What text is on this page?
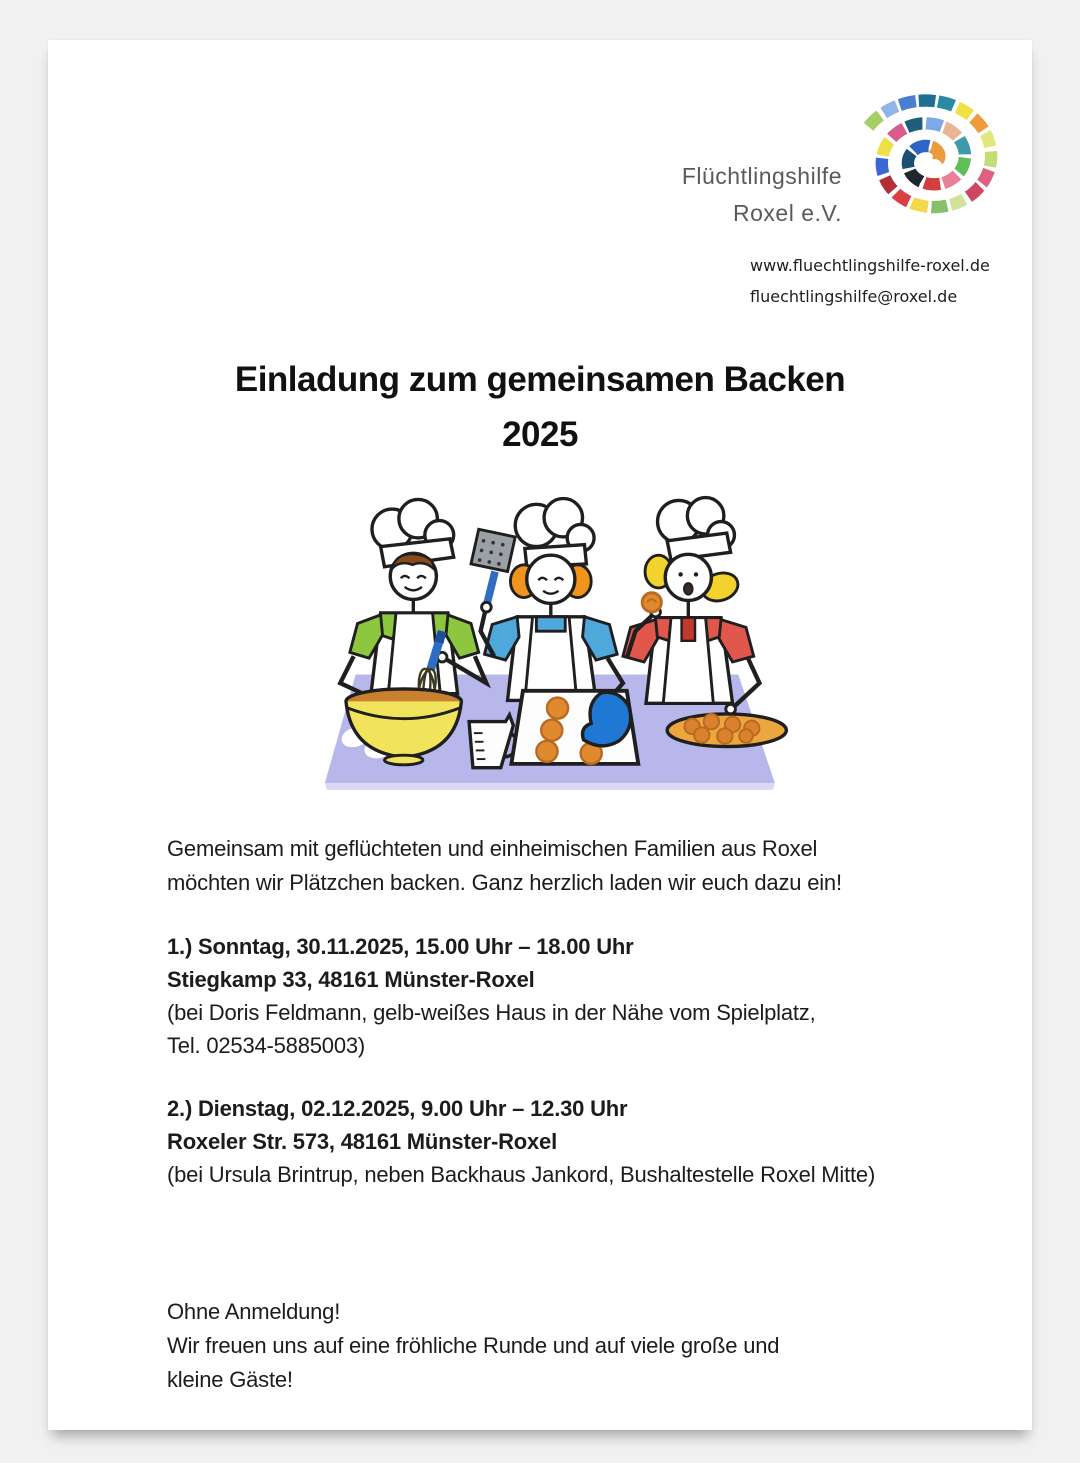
Flüchtlingshilfe
Roxel e.V.
www.fluechtlingshilfe-roxel.de
fluechtlingshilfe@roxel.de
Einladung zum gemeinsamen Backen
2025

Gemeinsam mit geflüchteten und einheimischen Familien aus Roxel
möchten wir Plätzchen backen. Ganz herzlich laden wir euch dazu ein!

1.) Sonntag, 30.11.2025, 15.00 Uhr – 18.00 Uhr
Stiegkamp 33, 48161 Münster-Roxel
(bei Doris Feldmann, gelb-weißes Haus in der Nähe vom Spielplatz,
Tel. 02534-5885003)
2.) Dienstag, 02.12.2025, 9.00 Uhr – 12.30 Uhr
Roxeler Str. 573, 48161 Münster-Roxel
(bei Ursula Brintrup, neben Backhaus Jankord, Bushaltestelle Roxel Mitte)
Ohne Anmeldung!
Wir freuen uns auf eine fröhliche Runde und auf viele große und
kleine Gäste!
